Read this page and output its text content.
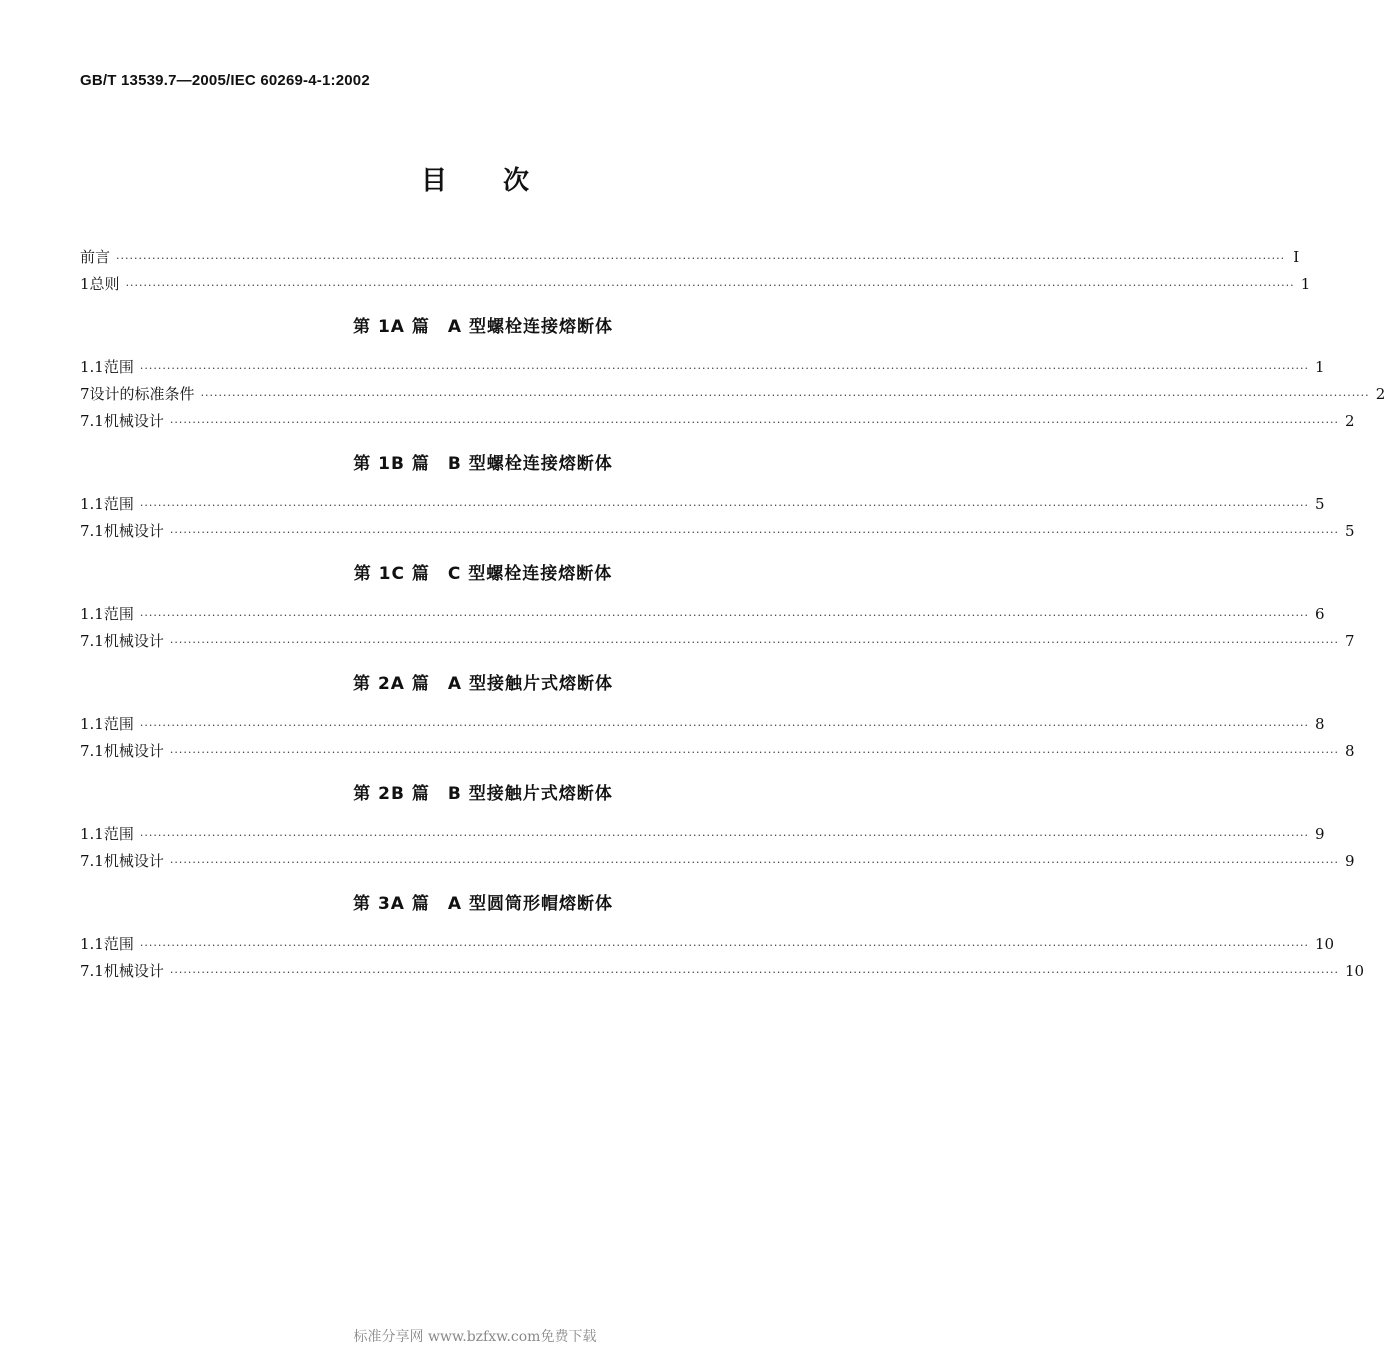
GB/T 13539.7—2005/IEC 60269-4-1:2002
目次
前言 ···································································································································································································································································· I
1 总则 ···································································································································································································································································· 1
第 1A 篇　A 型螺栓连接熔断体
1.1 范围 ···································································································································································································································································· 1
7 设计的标准条件 ···································································································································································································································································· 2
7.1 机械设计 ···································································································································································································································································· 2
第 1B 篇　B 型螺栓连接熔断体
1.1 范围 ···································································································································································································································································· 5
7.1 机械设计 ···································································································································································································································································· 5
第 1C 篇　C 型螺栓连接熔断体
1.1 范围 ···································································································································································································································································· 6
7.1 机械设计 ···································································································································································································································································· 7
第 2A 篇　A 型接触片式熔断体
1.1 范围 ···································································································································································································································································· 8
7.1 机械设计 ···································································································································································································································································· 8
第 2B 篇　B 型接触片式熔断体
1.1 范围 ···································································································································································································································································· 9
7.1 机械设计 ···································································································································································································································································· 9
第 3A 篇　A 型圆筒形帽熔断体
1.1 范围 ···································································································································································································································································· 10
7.1 机械设计 ···································································································································································································································································· 10
标准分享网 www.bzfxw.com免费下载
